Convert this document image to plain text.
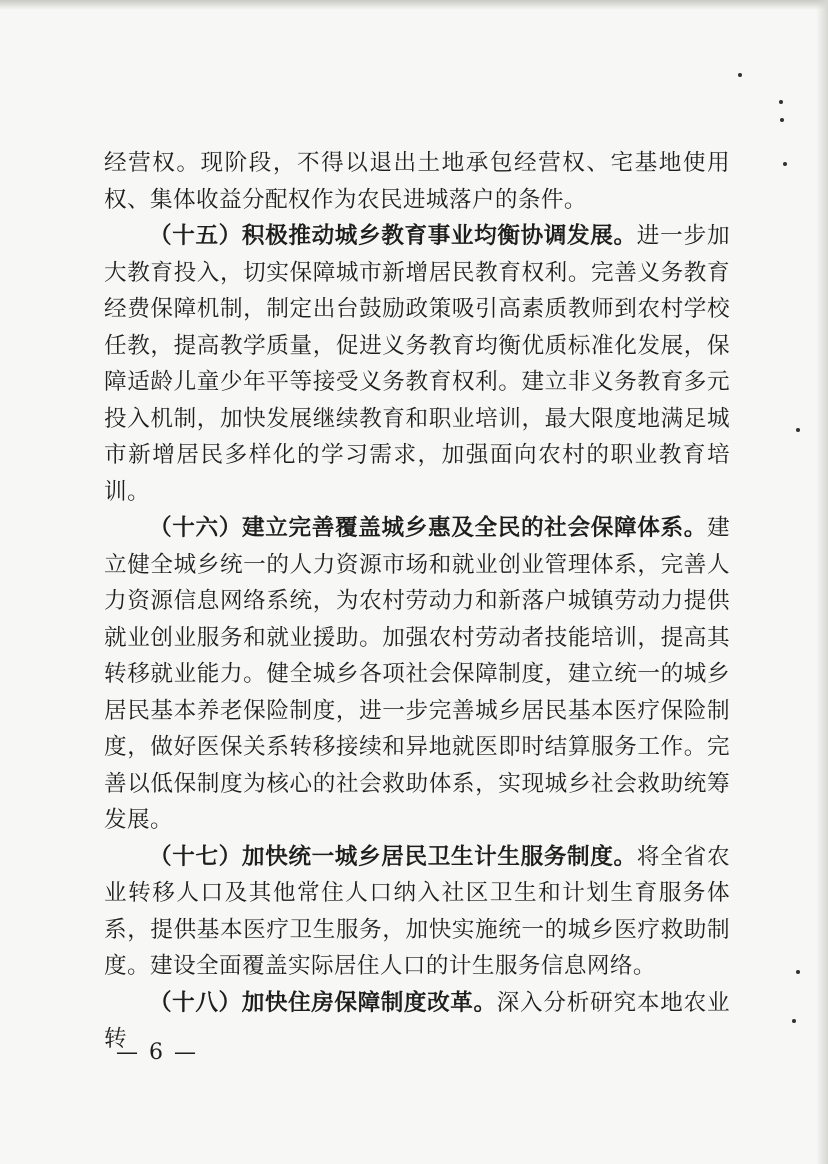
经营权。现阶段，不得以退出土地承包经营权、宅基地使用权、集体收益分配权作为农民进城落户的条件。

（十五）积极推动城乡教育事业均衡协调发展。进一步加大教育投入，切实保障城市新增居民教育权利。完善义务教育经费保障机制，制定出台鼓励政策吸引高素质教师到农村学校任教，提高教学质量，促进义务教育均衡优质标准化发展，保障适龄儿童少年平等接受义务教育权利。建立非义务教育多元投入机制，加快发展继续教育和职业培训，最大限度地满足城市新增居民多样化的学习需求，加强面向农村的职业教育培训。

（十六）建立完善覆盖城乡惠及全民的社会保障体系。建立健全城乡统一的人力资源市场和就业创业管理体系，完善人力资源信息网络系统，为农村劳动力和新落户城镇劳动力提供就业创业服务和就业援助。加强农村劳动者技能培训，提高其转移就业能力。健全城乡各项社会保障制度，建立统一的城乡居民基本养老保险制度，进一步完善城乡居民基本医疗保险制度，做好医保关系转移接续和异地就医即时结算服务工作。完善以低保制度为核心的社会救助体系，实现城乡社会救助统筹发展。

（十七）加快统一城乡居民卫生计生服务制度。将全省农业转移人口及其他常住人口纳入社区卫生和计划生育服务体系，提供基本医疗卫生服务，加快实施统一的城乡医疗救助制度。建设全面覆盖实际居住人口的计生服务信息网络。

（十八）加快住房保障制度改革。深入分析研究本地农业转

— 6 —
